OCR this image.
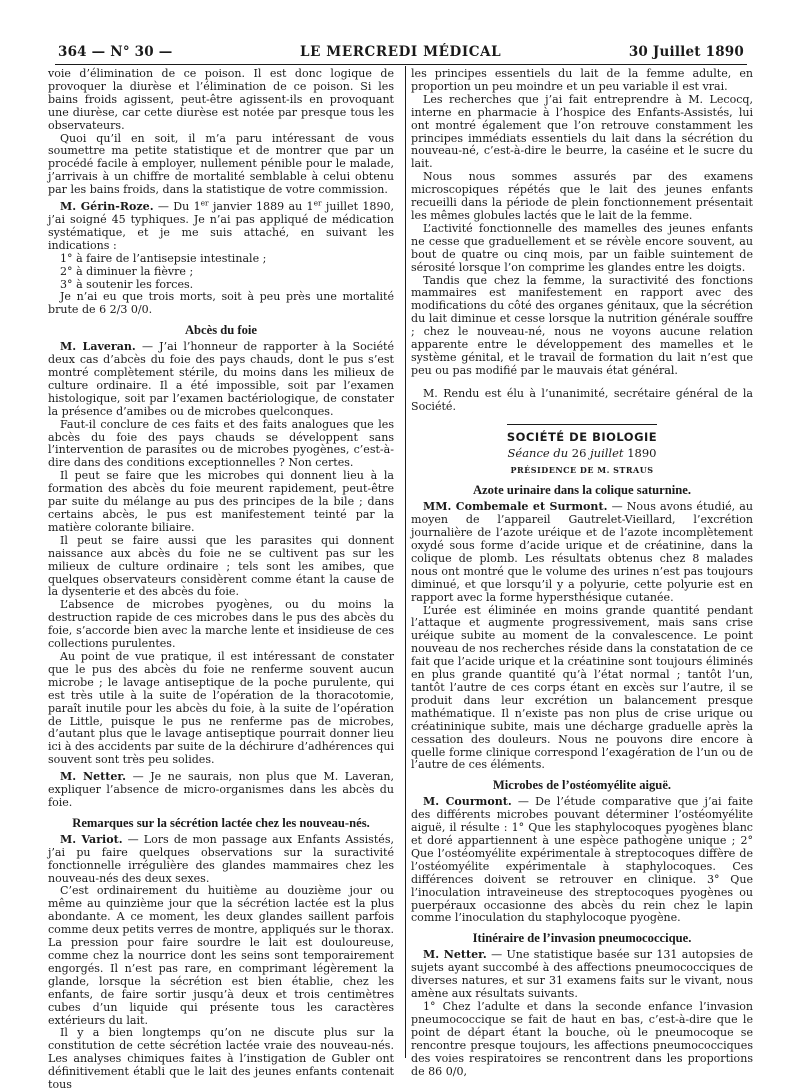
364 — N° 30 —	LE MERCREDI MÉDICAL	30 Juillet 1890

voie d’élimination de ce poison. Il est donc logique de provoquer la diurèse et l’élimination de ce poison. Si les bains froids agissent, peut-être agissent-ils en provoquant une diurèse, car cette diurèse est notée par presque tous les observateurs.

Quoi qu’il en soit, il m’a paru intéressant de vous soumettre ma petite statistique et de montrer que par un procédé facile à employer, nullement pénible pour le malade, j’arrivais à un chiffre de mortalité semblable à celui obtenu par les bains froids, dans la statistique de votre commission.

M. Gérin-Roze. — Du 1er janvier 1889 au 1er juillet 1890, j’ai soigné 45 typhiques. Je n’ai pas appliqué de médication systématique, et je me suis attaché, en suivant les indications :

1° à faire de l’antisepsie intestinale ;

2° à diminuer la fièvre ;

3° à soutenir les forces.

Je n’ai eu que trois morts, soit à peu près une mortalité brute de 6 2/3 0/0.

Abcès du foie

M. Laveran. — J’ai l’honneur de rapporter à la Société deux cas d’abcès du foie des pays chauds, dont le pus s’est montré complètement stérile, du moins dans les milieux de culture ordinaire. Il a été impossible, soit par l’examen histologique, soit par l’examen bactériologique, de constater la présence d’amibes ou de microbes quelconques.

Faut-il conclure de ces faits et des faits analogues que les abcès du foie des pays chauds se développent sans l’intervention de parasites ou de microbes pyogènes, c’est-à-dire dans des conditions exceptionnelles ? Non certes.

Il peut se faire que les microbes qui donnent lieu à la formation des abcès du foie meurent rapidement, peut-être par suite du mélange au pus des principes de la bile ; dans certains abcès, le pus est manifestement teinté par la matière colorante biliaire.

Il peut se faire aussi que les parasites qui donnent naissance aux abcès du foie ne se cultivent pas sur les milieux de culture ordinaire ; tels sont les amibes, que quelques observateurs considèrent comme étant la cause de la dysenterie et des abcès du foie.

L’absence de microbes pyogènes, ou du moins la destruction rapide de ces microbes dans le pus des abcès du foie, s’accorde bien avec la marche lente et insidieuse de ces collections purulentes.

Au point de vue pratique, il est intéressant de constater que le pus des abcès du foie ne renferme souvent aucun microbe ; le lavage antiseptique de la poche purulente, qui est très utile à la suite de l’opération de la thoracotomie, paraît inutile pour les abcès du foie, à la suite de l’opération de Little, puisque le pus ne renferme pas de microbes, d’autant plus que le lavage antiseptique pourrait donner lieu ici à des accidents par suite de la déchirure d’adhérences qui souvent sont très peu solides.

M. Netter. — Je ne saurais, non plus que M. Laveran, expliquer l’absence de micro-organismes dans les abcès du foie.

Remarques sur la sécrétion lactée chez les nouveau-nés.

M. Variot. — Lors de mon passage aux Enfants Assistés, j’ai pu faire quelques observations sur la suractivité fonctionnelle irrégulière des glandes mammaires chez les nouveau-nés des deux sexes.

C’est ordinairement du huitième au douzième jour ou même au quinzième jour que la sécrétion lactée est la plus abondante. A ce moment, les deux glandes saillent parfois comme deux petits verres de montre, appliqués sur le thorax. La pression pour faire sourdre le lait est douloureuse, comme chez la nourrice dont les seins sont temporairement engorgés. Il n’est pas rare, en comprimant légèrement la glande, lorsque la sécrétion est bien établie, chez les enfants, de faire sortir jusqu’à deux et trois centimètres cubes d’un liquide qui présente tous les caractères extérieurs du lait.

Il y a bien longtemps qu’on ne discute plus sur la constitution de cette sécrétion lactée vraie des nouveau-nés. Les analyses chimiques faites à l’instigation de Gubler ont définitivement établi que le lait des jeunes enfants contenait tous

les principes essentiels du lait de la femme adulte, en proportion un peu moindre et un peu variable il est vrai.

Les recherches que j’ai fait entreprendre à M. Lecocq, interne en pharmacie à l’hospice des Enfants-Assistés, lui ont montré également que l’on retrouve constamment les principes immédiats essentiels du lait dans la sécrétion du nouveau-né, c’est-à-dire le beurre, la caséine et le sucre du lait.

Nous nous sommes assurés par des examens microscopiques répétés que le lait des jeunes enfants recueilli dans la période de plein fonctionnement présentait les mêmes globules lactés que le lait de la femme.

L’activité fonctionnelle des mamelles des jeunes enfants ne cesse que graduellement et se révèle encore souvent, au bout de quatre ou cinq mois, par un faible suintement de sérosité lorsque l’on comprime les glandes entre les doigts.

Tandis que chez la femme, la suractivité des fonctions mammaires est manifestement en rapport avec des modifications du côté des organes génitaux, que la sécrétion du lait diminue et cesse lorsque la nutrition générale souffre ; chez le nouveau-né, nous ne voyons aucune relation apparente entre le développement des mamelles et le système génital, et le travail de formation du lait n’est que peu ou pas modifié par le mauvais état général.

M. Rendu est élu à l’unanimité, secrétaire général de la Société.

SOCIÉTÉ DE BIOLOGIE
Séance du 26 juillet 1890
PRÉSIDENCE DE M. STRAUS
Azote urinaire dans la colique saturnine.

MM. Combemale et Surmont. — Nous avons étudié, au moyen de l’appareil Gautrelet-Vieillard, l’excrétion journalière de l’azote uréique et de l’azote incomplètement oxydé sous forme d’acide urique et de créatinine, dans la colique de plomb. Les résultats obtenus chez 8 malades nous ont montré que le volume des urines n’est pas toujours diminué, et que lorsqu’il y a polyurie, cette polyurie est en rapport avec la forme hypersthésique cutanée.

L’urée est éliminée en moins grande quantité pendant l’attaque et augmente progressivement, mais sans crise uréique subite au moment de la convalescence. Le point nouveau de nos recherches réside dans la constatation de ce fait que l’acide urique et la créatinine sont toujours éliminés en plus grande quantité qu’à l’état normal ; tantôt l’un, tantôt l’autre de ces corps étant en excès sur l’autre, il se produit dans leur excrétion un balancement presque mathématique. Il n’existe pas non plus de crise urique ou créatininique subite, mais une décharge graduelle après la cessation des douleurs. Nous ne pouvons dire encore à quelle forme clinique correspond l’exagération de l’un ou de l’autre de ces éléments.

Microbes de l’ostéomyélite aiguë.

M. Courmont. — De l’étude comparative que j’ai faite des différents microbes pouvant déterminer l’ostéomyélite aiguë, il résulte : 1° Que les staphylocoques pyogènes blanc et doré appartiennent à une espèce pathogène unique ; 2° Que l’ostéomyélite expérimentale à streptocoques diffère de l’ostéomyélite expérimentale à staphylocoques. Ces différences doivent se retrouver en clinique. 3° Que l’inoculation intraveineuse des streptocoques pyogènes ou puerpéraux occasionne des abcès du rein chez le lapin comme l’inoculation du staphylocoque pyogène.

Itinéraire de l’invasion pneumococcique.

M. Netter. — Une statistique basée sur 131 autopsies de sujets ayant succombé à des affections pneumococciques de diverses natures, et sur 31 examens faits sur le vivant, nous amène aux résultats suivants.

1° Chez l’adulte et dans la seconde enfance l’invasion pneumococcique se fait de haut en bas, c’est-à-dire que le point de départ étant la bouche, où le pneumocoque se rencontre presque toujours, les affections pneumococciques des voies respiratoires se rencontrent dans les proportions de 86 0/0,
